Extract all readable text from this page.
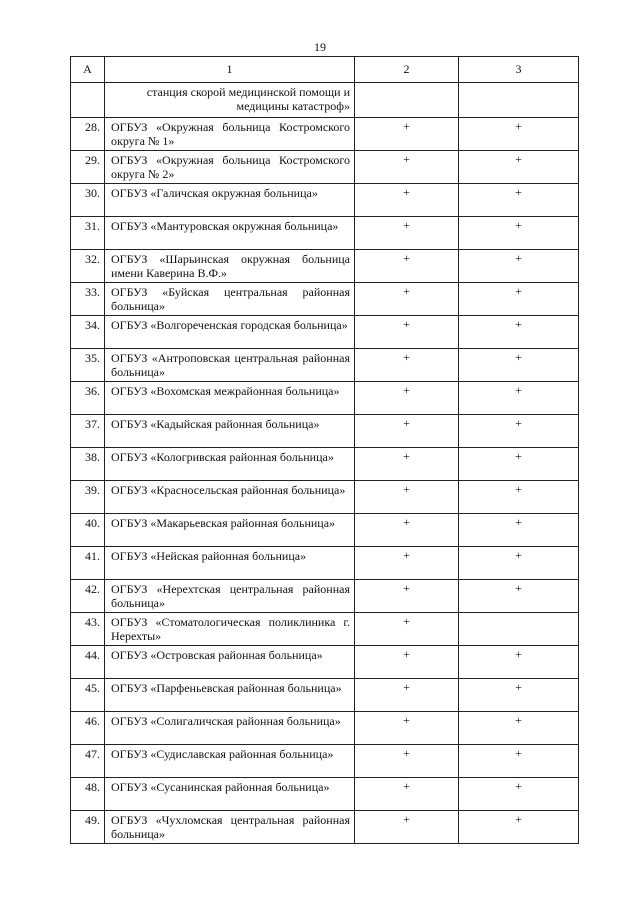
19
А	1	2	3
	станция скорой медицинской помощи и медицины катастроф»		
28.	ОГБУЗ «Окружная больница Костромского округа № 1»	+	+
29.	ОГБУЗ «Окружная больница Костромского округа № 2»	+	+
30.	ОГБУЗ «Галичская окружная больница»	+	+
31.	ОГБУЗ «Мантуровская окружная больница»	+	+
32.	ОГБУЗ «Шарьинская окружная больница имени Каверина В.Ф.»	+	+
33.	ОГБУЗ «Буйская центральная районная больница»	+	+
34.	ОГБУЗ «Волгореченская городская больница»	+	+
35.	ОГБУЗ «Антроповская центральная районная больница»	+	+
36.	ОГБУЗ «Вохомская межрайонная больница»	+	+
37.	ОГБУЗ «Кадыйская районная больница»	+	+
38.	ОГБУЗ «Кологривская районная больница»	+	+
39.	ОГБУЗ «Красносельская районная больница»	+	+
40.	ОГБУЗ «Макарьевская районная больница»	+	+
41.	ОГБУЗ «Нейская районная больница»	+	+
42.	ОГБУЗ «Нерехтская центральная районная больница»	+	+
43.	ОГБУЗ «Стоматологическая поликлиника г. Нерехты»	+	
44.	ОГБУЗ «Островская районная больница»	+	+
45.	ОГБУЗ «Парфеньевская районная больница»	+	+
46.	ОГБУЗ «Солигаличская районная больница»	+	+
47.	ОГБУЗ «Судиславская районная больница»	+	+
48.	ОГБУЗ «Сусанинская районная больница»	+	+
49.	ОГБУЗ «Чухломская центральная районная больница»	+	+
